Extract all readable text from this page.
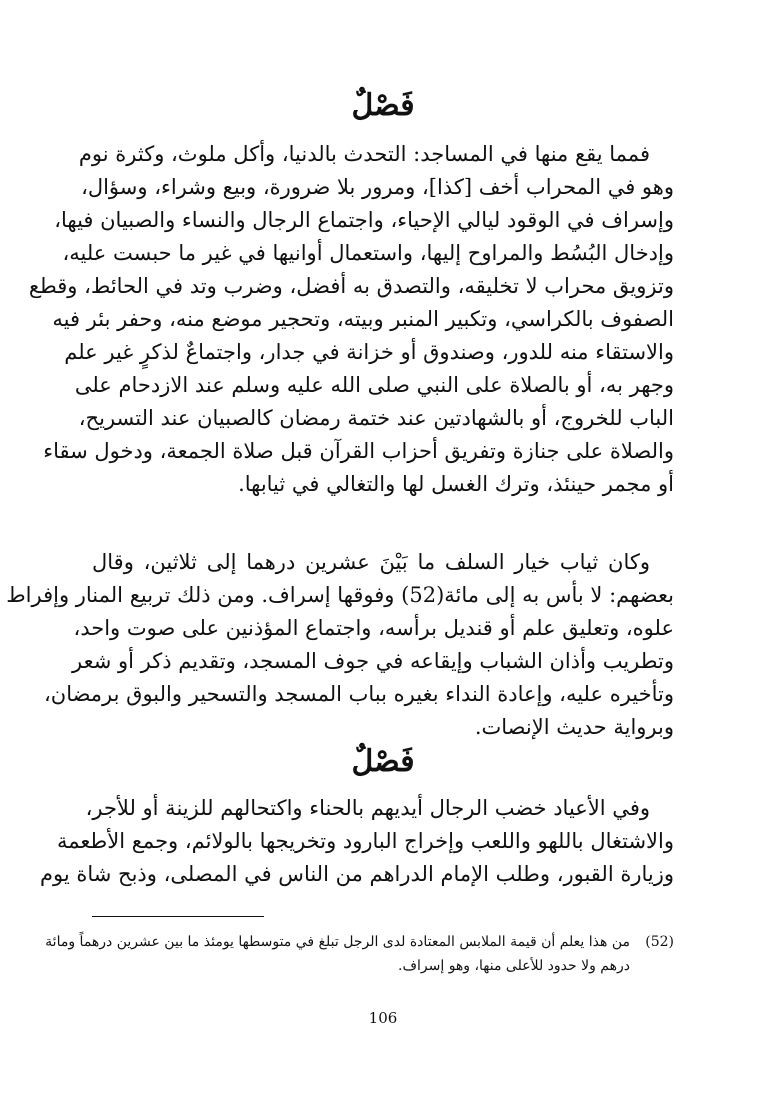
فَصْلٌ
فمما يقع منها في المساجد: التحدث بالدنيا، وأكل ملوث، وكثرة نوم
وهو في المحراب أخف [كذا]، ومرور بلا ضرورة، وبيع وشراء، وسؤال،
وإسراف في الوقود ليالي الإحياء، واجتماع الرجال والنساء والصبيان فيها،
وإدخال البُسُط والمراوح إليها، واستعمال أوانيها في غير ما حبست عليه،
وتزويق محراب لا تخليقه، والتصدق به أفضل، وضرب وتد في الحائط، وقطع
الصفوف بالكراسي، وتكبير المنبر وبيته، وتحجير موضع منه، وحفر بئر فيه
والاستقاء منه للدور، وصندوق أو خزانة في جدار، واجتماعٌ لذكرٍ غير علم
وجهر به، أو بالصلاة على النبي صلى الله عليه وسلم عند الازدحام على
الباب للخروج، أو بالشهادتين عند ختمة رمضان كالصبيان عند التسريح،
والصلاة على جنازة وتفريق أحزاب القرآن قبل صلاة الجمعة، ودخول سقاء
أو مجمر حينئذ، وترك الغسل لها والتغالي في ثيابها.
وكان ثياب خيار السلف ما بَيْنَ عشرين درهما إلى ثلاثين، وقال
بعضهم: لا بأس به إلى مائة(52) وفوقها إسراف. ومن ذلك تربيع المنار وإفراط
علوه، وتعليق علم أو قنديل برأسه، واجتماع المؤذنين على صوت واحد،
وتطريب وأذان الشباب وإيقاعه في جوف المسجد، وتقديم ذكر أو شعر
وتأخيره عليه، وإعادة النداء بغيره بباب المسجد والتسحير والبوق برمضان،
وبرواية حديث الإنصات.
فَصْلٌ
وفي الأعياد خضب الرجال أيديهم بالحناء واكتحالهم للزينة أو للأجر،
والاشتغال باللهو واللعب وإخراج البارود وتخريجها بالولائم، وجمع الأطعمة
وزيارة القبور، وطلب الإمام الدراهم من الناس في المصلى، وذبح شاة يوم
(52)من هذا يعلم أن قيمة الملابس المعتادة لدى الرجل تبلغ في متوسطها يومئذ ما بين عشرين درهماً ومائة
درهم ولا حدود للأعلى منها، وهو إسراف.
106
